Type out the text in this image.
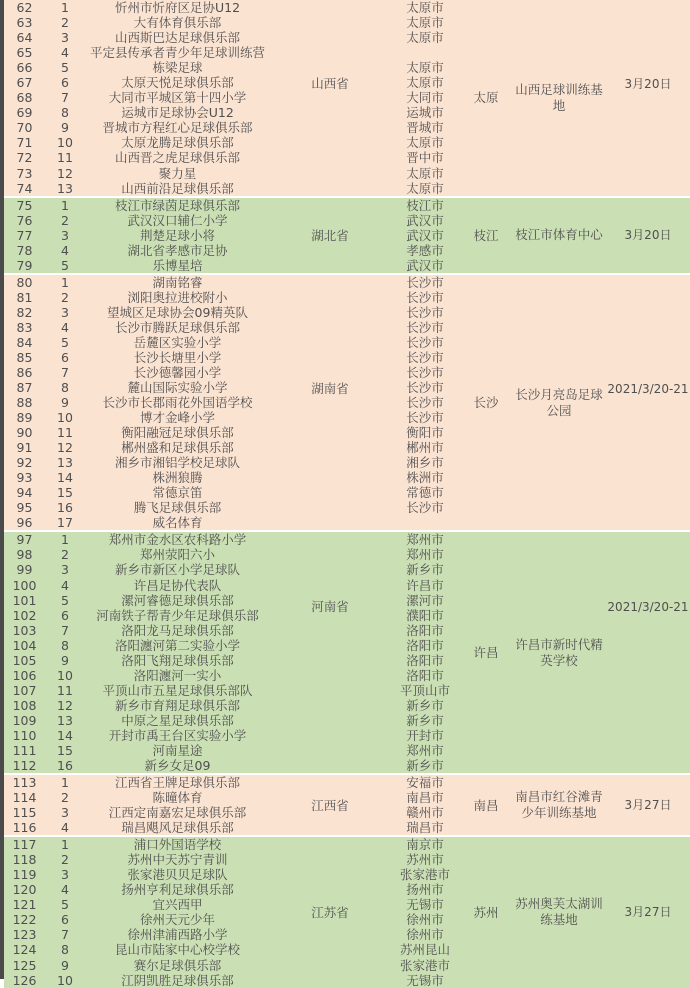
62	1	忻州市忻府区足协U12	山西省	太原市	太原	山西足球训练基地	3月20日
63	2	大有体育俱乐部		太原市			
64	3	山西斯巴达足球俱乐部		太原市			
65	4	平定县传承者青少年足球训练营					
66	5	栋梁足球		太原市			
67	6	太原天悦足球俱乐部		太原市			
68	7	大同市平城区第十四小学		大同市			
69	8	运城市足球协会U12		运城市			
70	9	晋城市方程红心足球俱乐部		晋城市			
71	10	太原龙腾足球俱乐部		太原市			
72	11	山西晋之虎足球俱乐部		晋中市			
73	12	聚力星		太原市			
74	13	山西前沿足球俱乐部		太原市			
75	1	枝江市绿茵足球俱乐部	湖北省	枝江市	枝江	枝江市体育中心	3月20日
76	2	武汉汉口辅仁小学		武汉市			
77	3	荆楚足球小将		武汉市			
78	4	湖北省孝感市足协		孝感市			
79	5	乐博星培		武汉市			
80	1	湖南铭睿	湖南省	长沙市	长沙	长沙月亮岛足球公园	2021/3/20-21
81	2	浏阳奥拉进校附小		长沙市			
82	3	望城区足球协会09精英队		长沙市			
83	4	长沙市腾跃足球俱乐部		长沙市			
84	5	岳麓区实验小学		长沙市			
85	6	长沙长塘里小学		长沙市			
86	7	长沙德馨园小学		长沙市			
87	8	麓山国际实验小学		长沙市			
88	9	长沙市长郡雨花外国语学校		长沙市			
89	10	博才金峰小学		长沙市			
90	11	衡阳融冠足球俱乐部		衡阳市			
91	12	郴州盛和足球俱乐部		郴州市			
92	13	湘乡市湘铝学校足球队		湘乡市			
93	14	株洲狼腾		株洲市			
94	15	常德京笛		常德市			
95	16	腾飞足球俱乐部		长沙市			
96	17	威名体育					
97	1	郑州市金水区农科路小学	河南省	郑州市	许昌	许昌市新时代精英学校	2021/3/20-21
98	2	郑州荥阳六小		郑州市			
99	3	新乡市新区小学足球队		新乡市			
100	4	许昌足协代表队		许昌市			
101	5	漯河睿德足球俱乐部		漯河市			
102	6	河南铁子帮青少年足球俱乐部		濮阳市			
103	7	洛阳龙马足球俱乐部		洛阳市			
104	8	洛阳瀍河第二实验小学		洛阳市			
105	9	洛阳飞翔足球俱乐部		洛阳市			
106	10	洛阳瀍河一实小		洛阳市			
107	11	平顶山市五星足球俱乐部队		平顶山市			
108	12	新乡市育翔足球俱乐部		新乡市			
109	13	中原之星足球俱乐部		新乡市			
110	14	开封市禹王台区实验小学		开封市			
111	15	河南星途		郑州市			
112	16	新乡女足09		新乡市			
113	1	江西省王牌足球俱乐部	江西省	安福市	南昌	南昌市红谷滩青少年训练基地	3月27日
114	2	陈曈体育		南昌市			
115	3	江西定南嘉宏足球俱乐部		赣州市			
116	4	瑞昌飓风足球俱乐部		瑞昌市			
117	1	浦口外国语学校	江苏省	南京市	苏州	苏州奥芙太湖训练基地	3月27日
118	2	苏州中天苏宁青训		苏州市			
119	3	张家港贝贝足球队		张家港市			
120	4	扬州亨利足球俱乐部		扬州市			
121	5	宜兴西甲		无锡市			
122	6	徐州天元少年		徐州市			
123	7	徐州津浦西路小学		徐州市			
124	8	昆山市陆家中心校学校		苏州昆山			
125	9	赛尔足球俱乐部		张家港市			
126	10	江阴凯胜足球俱乐部		无锡市			
